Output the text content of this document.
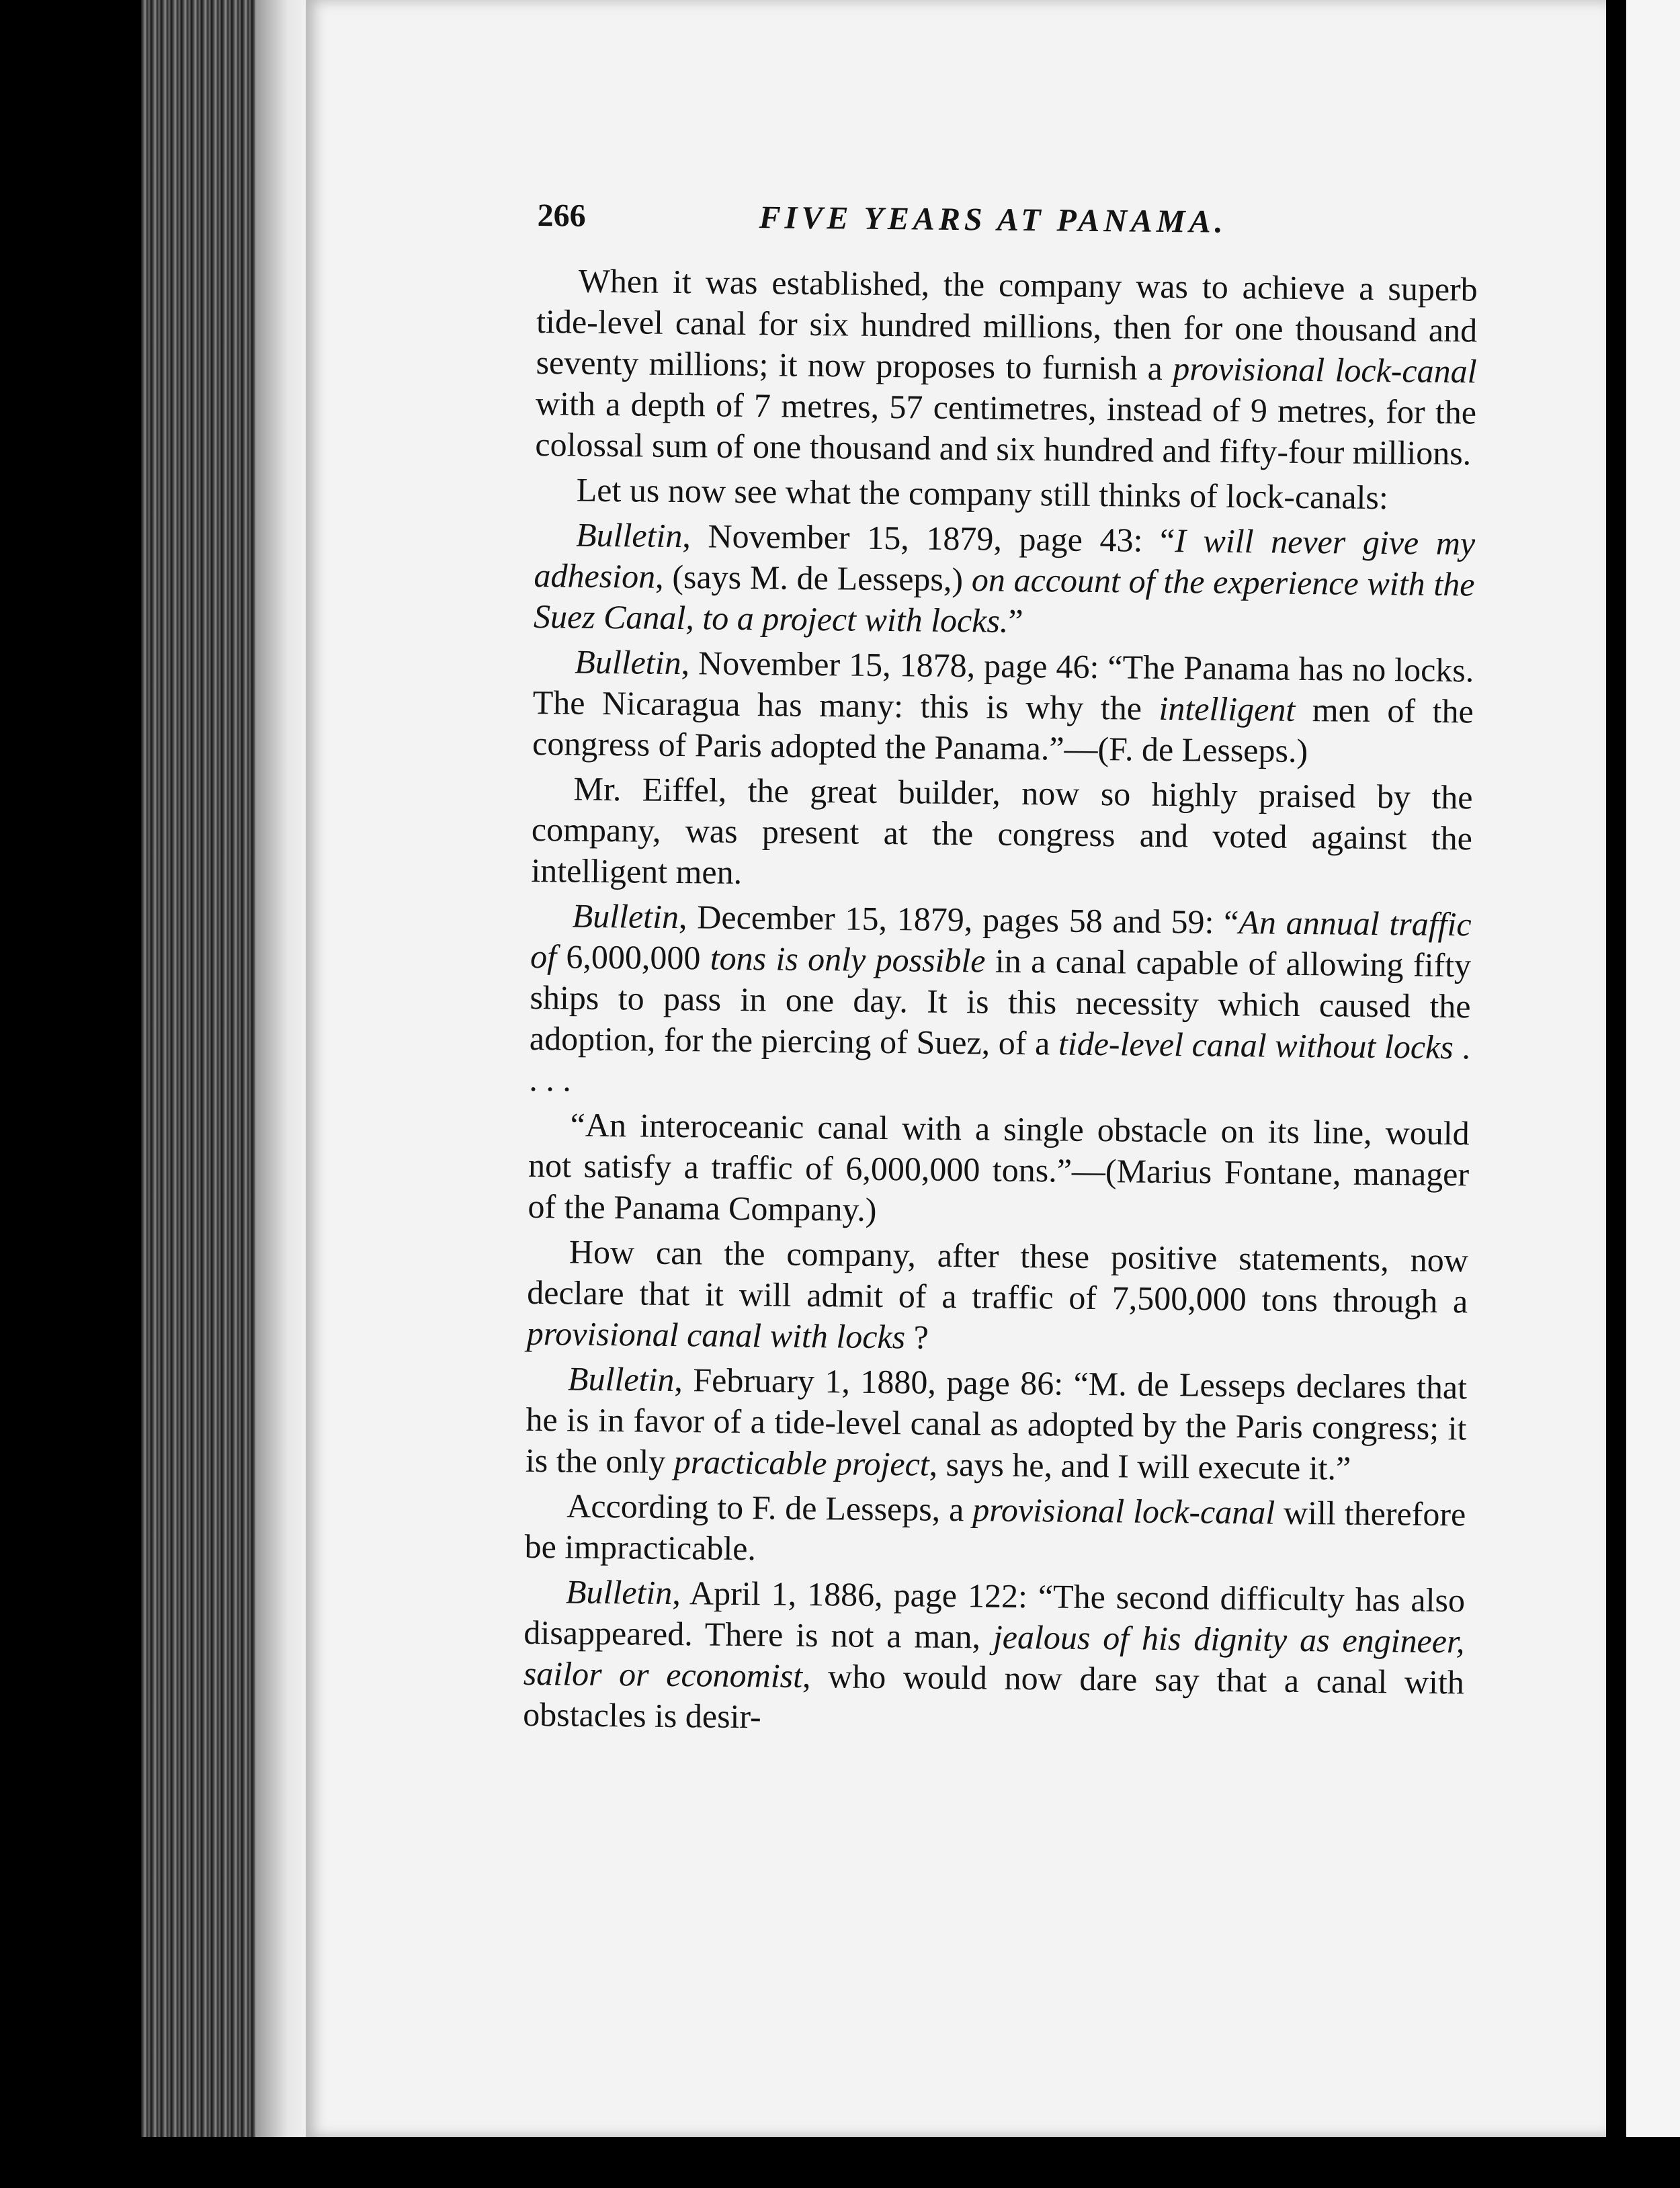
266	FIVE YEARS AT PANAMA.

When it was established, the company was to achieve a superb tide-level canal for six hundred millions, then for one thousand and seventy millions; it now proposes to furnish a provisional lock-canal with a depth of 7 metres, 57 centimetres, instead of 9 metres, for the colossal sum of one thousand and six hundred and fifty-four millions.

Let us now see what the company still thinks of lock-canals:

Bulletin, November 15, 1879, page 43: “I will never give my adhesion, (says M. de Lesseps,) on account of the experience with the Suez Canal, to a project with locks.”

Bulletin, November 15, 1878, page 46: “The Panama has no locks. The Nicaragua has many: this is why the intelligent men of the congress of Paris adopted the Panama.”—(F. de Lesseps.)

Mr. Eiffel, the great builder, now so highly praised by the company, was present at the congress and voted against the intelligent men.

Bulletin, December 15, 1879, pages 58 and 59: “An annual traffic of 6,000,000 tons is only possible in a canal capable of allowing fifty ships to pass in one day. It is this necessity which caused the adoption, for the piercing of Suez, of a tide-level canal without locks . . . .

“An interoceanic canal with a single obstacle on its line, would not satisfy a traffic of 6,000,000 tons.”—(Marius Fontane, manager of the Panama Company.)

How can the company, after these positive statements, now declare that it will admit of a traffic of 7,500,000 tons through a provisional canal with locks ?

Bulletin, February 1, 1880, page 86: “M. de Lesseps declares that he is in favor of a tide-level canal as adopted by the Paris congress; it is the only practicable project, says he, and I will execute it.”

According to F. de Lesseps, a provisional lock-canal will therefore be impracticable.

Bulletin, April 1, 1886, page 122: “The second difficulty has also disappeared. There is not a man, jealous of his dignity as engineer, sailor or economist, who would now dare say that a canal with obstacles is desir-
